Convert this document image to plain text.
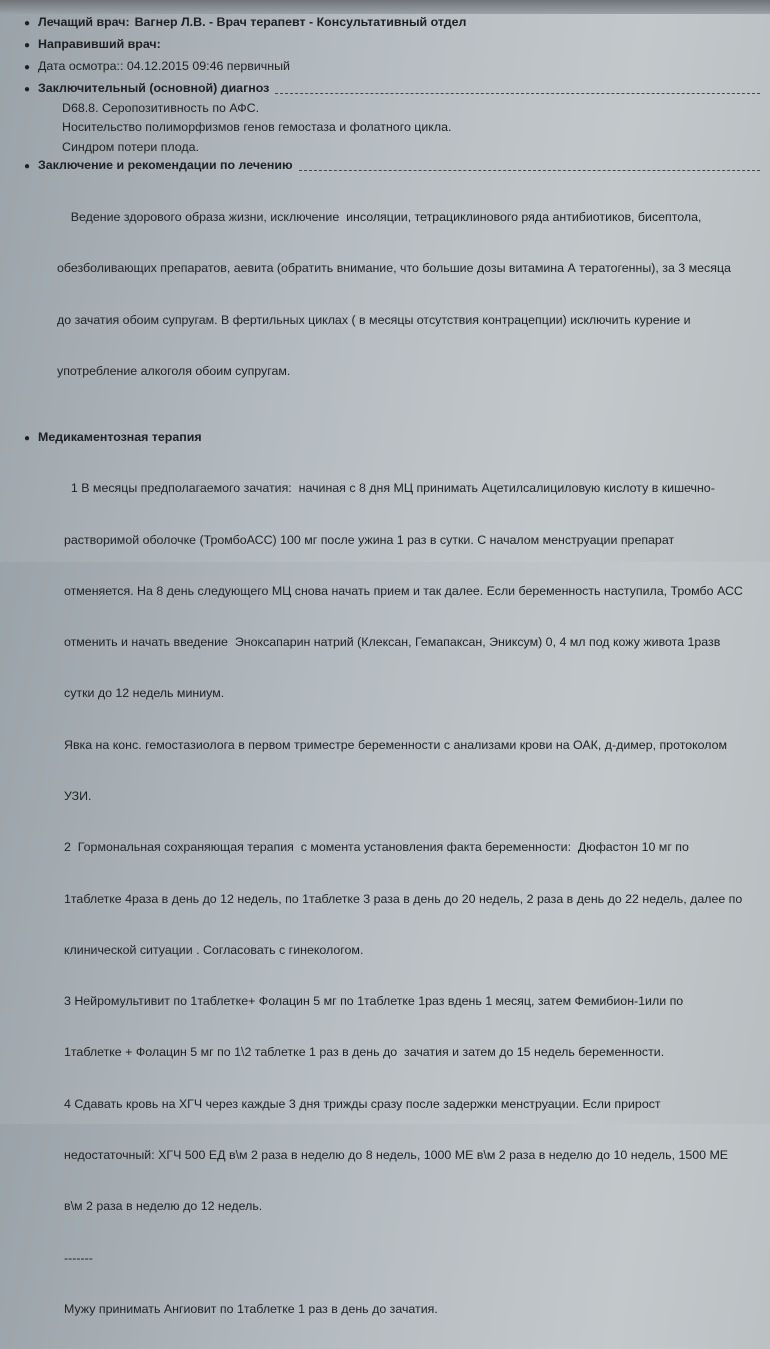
● Лечащий врач: Вагнер Л.В. - Врач терапевт - Консультативный отдел
● Направивший врач:
● Дата осмотра:: 04.12.2015 09:46 первичный
● Заключительный (основной) диагноз
D68.8. Серопозитивность по АФС.
Носительство полиморфизмов генов гемостаза и фолатного цикла.
Синдром потери плода.
● Заключение и рекомендации по лечению

Ведение здорового образа жизни, исключение  инсоляции, тетрациклинового ряда антибиотиков, бисептола,

обезболивающих препаратов, аевита (обратить внимание, что большие дозы витамина А тератогенны), за 3 месяца

до зачатия обоим супругам. В фертильных циклах ( в месяцы отсутствия контрацепции) исключить курение и

употребление алкоголя обоим супругам.

● Медикаментозная терапия

1 В месяцы предполагаемого зачатия:  начиная с 8 дня МЦ принимать Ацетилсалициловую кислоту в кишечно-

растворимой оболочке (ТромбоАСС) 100 мг после ужина 1 раз в сутки. С началом менструации препарат

отменяется. На 8 день следующего МЦ снова начать прием и так далее. Если беременность наступила, Тромбо АСС

отменить и начать введение  Эноксапарин натрий (Клексан, Гемапаксан, Эниксум) 0, 4 мл под кожу живота 1разв

сутки до 12 недель миниум.

Явка на конс. гемостазиолога в первом триместре беременности с анализами крови на ОАК, д-димер, протоколом

УЗИ.

2  Гормональная сохраняющая терапия  с момента установления факта беременности:  Дюфастон 10 мг по

1таблетке 4раза в день до 12 недель, по 1таблетке 3 раза в день до 20 недель, 2 раза в день до 22 недель, далее по

клинической ситуации . Согласовать с гинекологом.

3 Нейромультивит по 1таблетке+ Фолацин 5 мг по 1таблетке 1раз вдень 1 месяц, затем Фемибион-1или по

1таблетке + Фолацин 5 мг по 1\2 таблетке 1 раз в день до  зачатия и затем до 15 недель беременности.

4 Сдавать кровь на ХГЧ через каждые 3 дня трижды сразу после задержки менструации. Если прирост

недостаточный: ХГЧ 500 ЕД в\м 2 раза в неделю до 8 недель, 1000 МЕ в\м 2 раза в неделю до 10 недель, 1500 МЕ

в\м 2 раза в неделю до 12 недель.

-------

Мужу принимать Ангиовит по 1таблетке 1 раз в день до зачатия.
